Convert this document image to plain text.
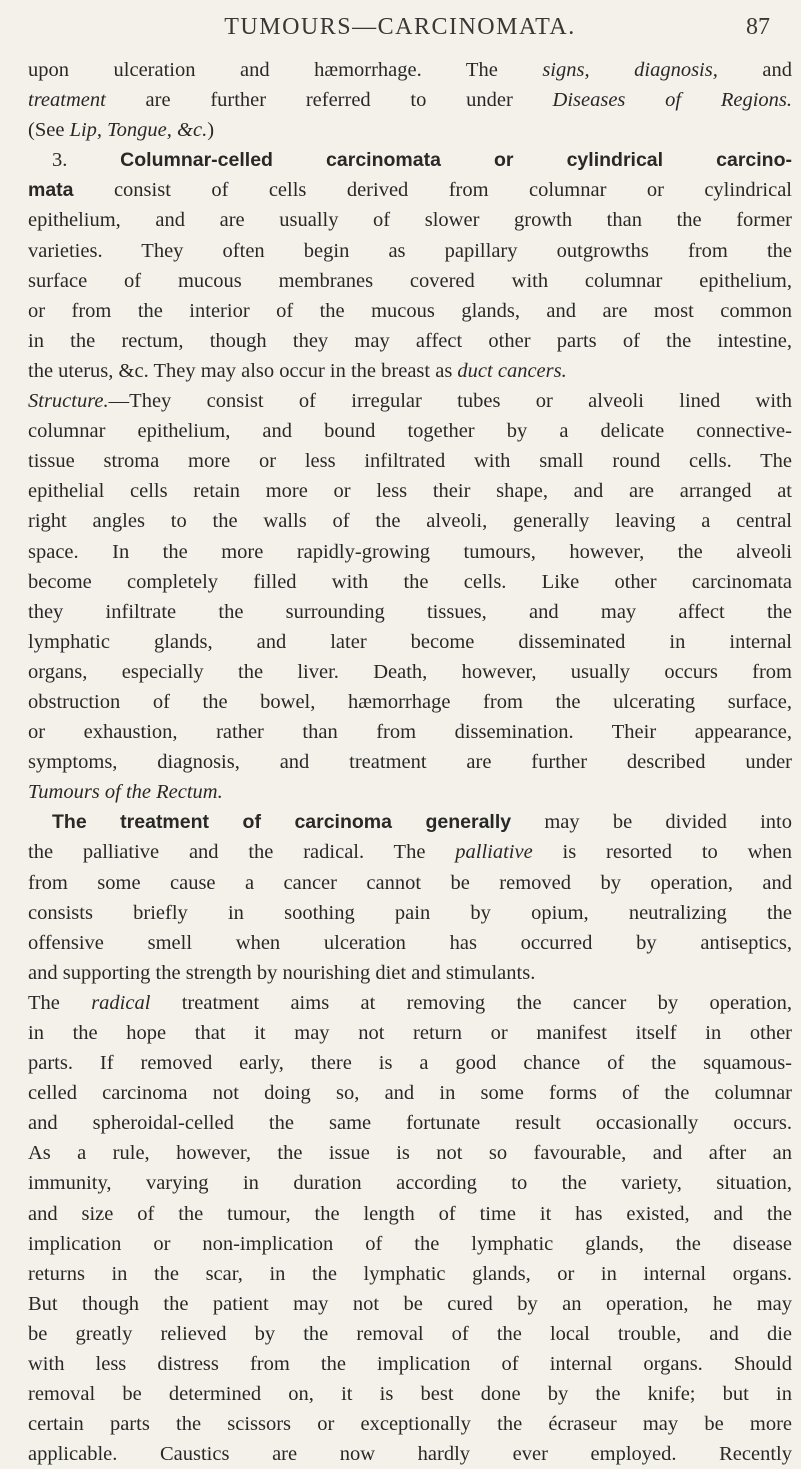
TUMOURS—CARCINOMATA.	87
upon ulceration and hæmorrhage. The signs, diagnosis, and
treatment are further referred to under Diseases of Regions.
(See Lip, Tongue, &c.)
3. Columnar-celled carcinomata or cylindrical carcino-
mata consist of cells derived from columnar or cylindrical
epithelium, and are usually of slower growth than the former
varieties. They often begin as papillary outgrowths from the
surface of mucous membranes covered with columnar epithelium,
or from the interior of the mucous glands, and are most common
in the rectum, though they may affect other parts of the intestine,
the uterus, &c. They may also occur in the breast as duct cancers.
Structure.—They consist of irregular tubes or alveoli lined with
columnar epithelium, and bound together by a delicate connective-
tissue stroma more or less infiltrated with small round cells. The
epithelial cells retain more or less their shape, and are arranged at
right angles to the walls of the alveoli, generally leaving a central
space. In the more rapidly-growing tumours, however, the alveoli
become completely filled with the cells. Like other carcinomata
they infiltrate the surrounding tissues, and may affect the
lymphatic glands, and later become disseminated in internal
organs, especially the liver. Death, however, usually occurs from
obstruction of the bowel, hæmorrhage from the ulcerating surface,
or exhaustion, rather than from dissemination. Their appearance,
symptoms, diagnosis, and treatment are further described under
Tumours of the Rectum.
The treatment of carcinoma generally may be divided into
the palliative and the radical. The palliative is resorted to when
from some cause a cancer cannot be removed by operation, and
consists briefly in soothing pain by opium, neutralizing the
offensive smell when ulceration has occurred by antiseptics,
and supporting the strength by nourishing diet and stimulants.
The radical treatment aims at removing the cancer by operation,
in the hope that it may not return or manifest itself in other
parts. If removed early, there is a good chance of the squamous-
celled carcinoma not doing so, and in some forms of the columnar
and spheroidal-celled the same fortunate result occasionally occurs.
As a rule, however, the issue is not so favourable, and after an
immunity, varying in duration according to the variety, situation,
and size of the tumour, the length of time it has existed, and the
implication or non-implication of the lymphatic glands, the disease
returns in the scar, in the lymphatic glands, or in internal organs.
But though the patient may not be cured by an operation, he may
be greatly relieved by the removal of the local trouble, and die
with less distress from the implication of internal organs. Should
removal be determined on, it is best done by the knife; but in
certain parts the scissors or exceptionally the écraseur may be more
applicable. Caustics are now hardly ever employed. Recently
